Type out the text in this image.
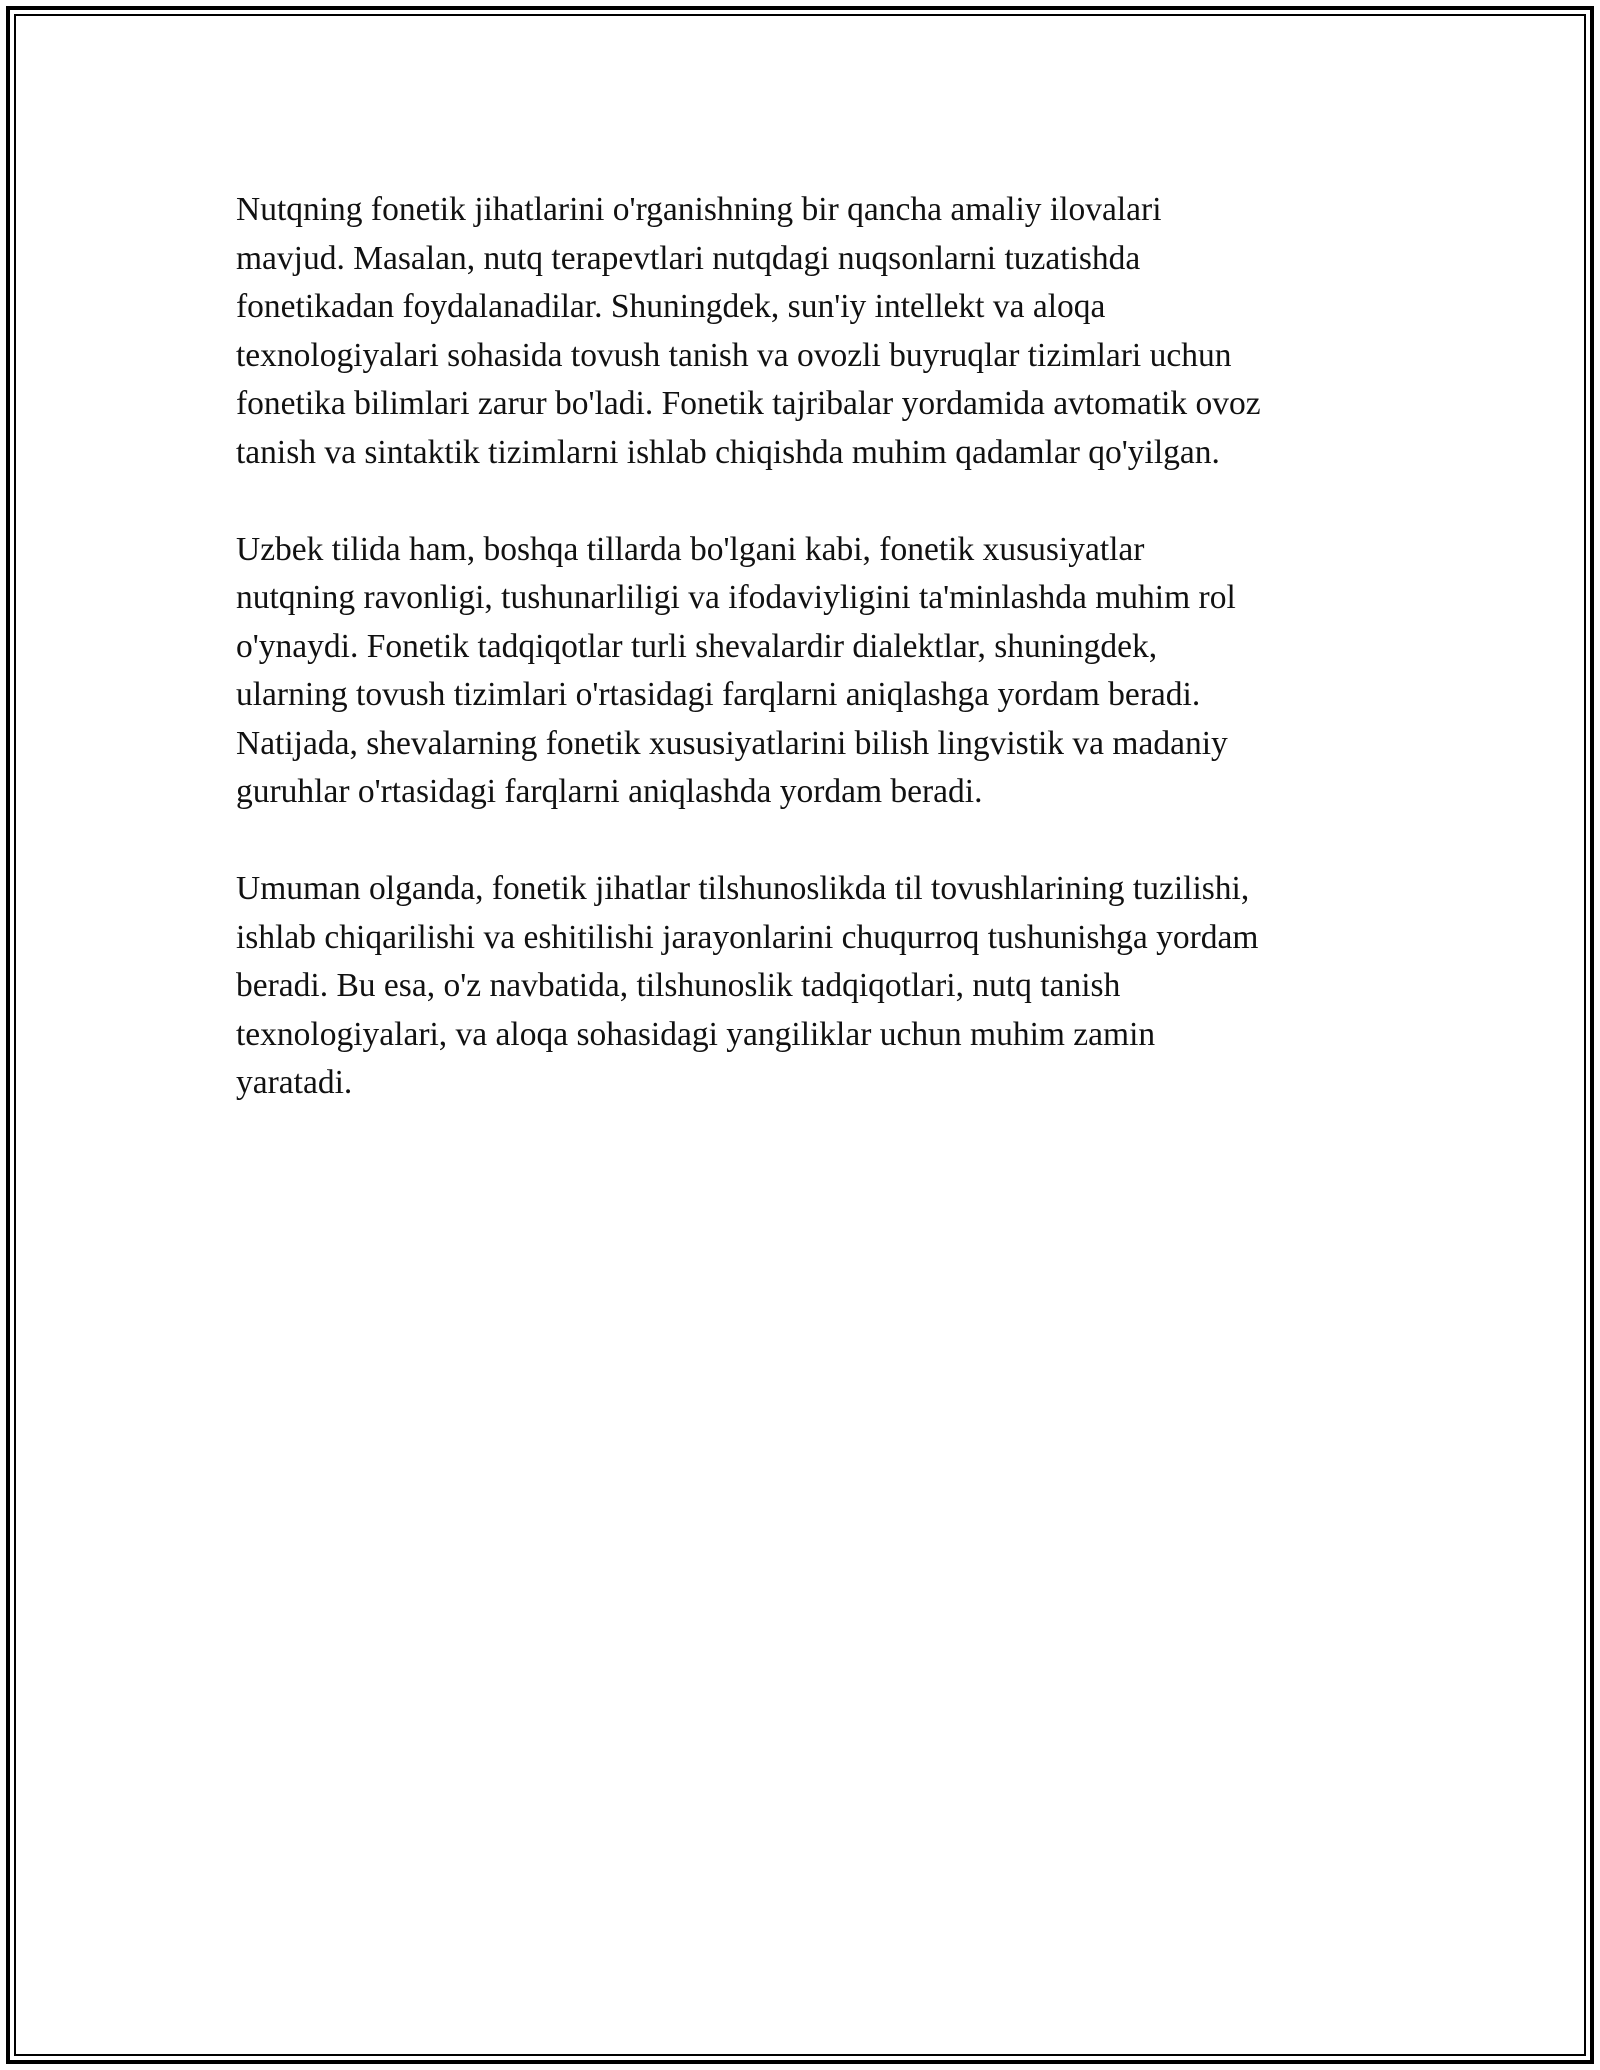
Nutqning fonetik jihatlarini o'rganishning bir qancha amaliy ilovalari
mavjud. Masalan, nutq terapevtlari nutqdagi nuqsonlarni tuzatishda
fonetikadan foydalanadilar. Shuningdek, sun'iy intellekt va aloqa
texnologiyalari sohasida tovush tanish va ovozli buyruqlar tizimlari uchun
fonetika bilimlari zarur bo'ladi. Fonetik tajribalar yordamida avtomatik ovoz
tanish va sintaktik tizimlarni ishlab chiqishda muhim qadamlar qo'yilgan.

Uzbek tilida ham, boshqa tillarda bo'lgani kabi, fonetik xususiyatlar
nutqning ravonligi, tushunarliligi va ifodaviyligini ta'minlashda muhim rol
o'ynaydi. Fonetik tadqiqotlar turli shevalardir dialektlar, shuningdek,
ularning tovush tizimlari o'rtasidagi farqlarni aniqlashga yordam beradi.
Natijada, shevalarning fonetik xususiyatlarini bilish lingvistik va madaniy
guruhlar o'rtasidagi farqlarni aniqlashda yordam beradi.

Umuman olganda, fonetik jihatlar tilshunoslikda til tovushlarining tuzilishi,
ishlab chiqarilishi va eshitilishi jarayonlarini chuqurroq tushunishga yordam
beradi. Bu esa, o'z navbatida, tilshunoslik tadqiqotlari, nutq tanish
texnologiyalari, va aloqa sohasidagi yangiliklar uchun muhim zamin
yaratadi.
